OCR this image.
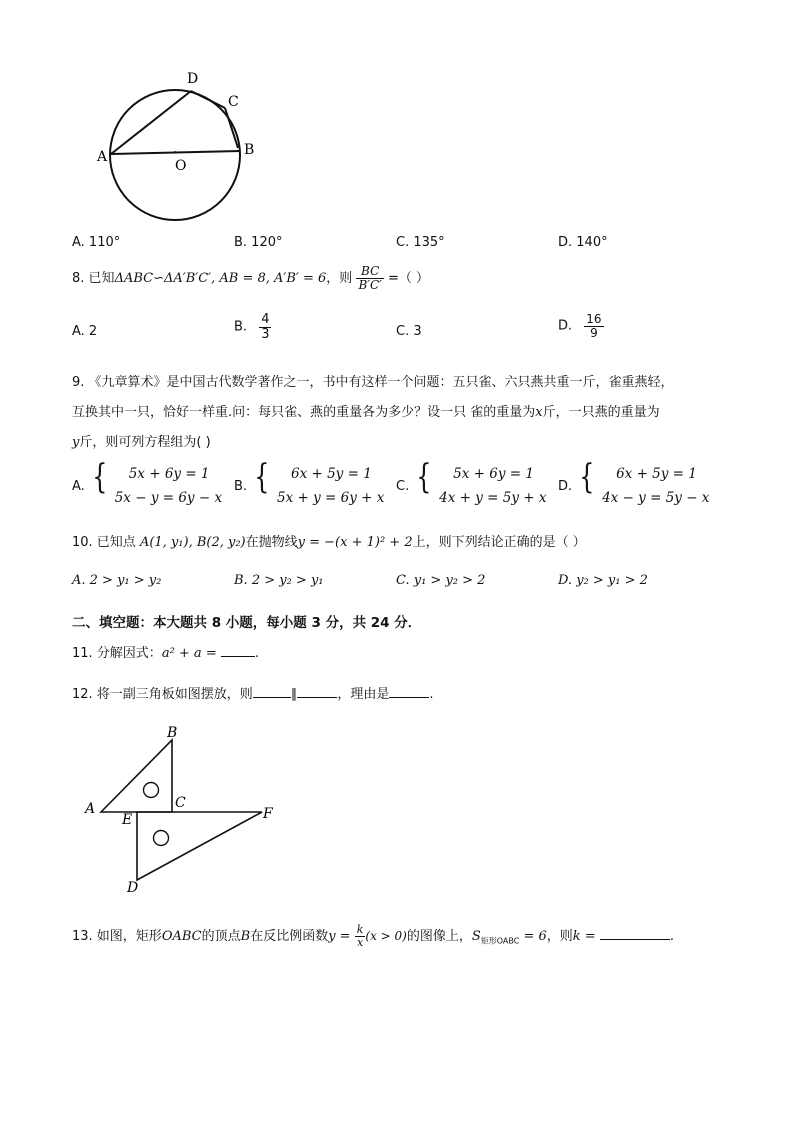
A
D
C
B
O
A. 110°	B. 120°	C. 135°	D. 140°
8. 已知ΔABC∽ΔA′B′C′, AB = 8, A′B′ = 6，则 $\frac{BC}{B'C'}$ =（ ）
A. 2	B. $\frac{4}{3}$	C. 3	D. $\frac{16}{9}$
9. 《九章算术》是中国古代数学著作之一，书中有这样一个问题：五只雀、六只燕共重一斤，雀重燕轻，
互换其中一只，恰好一样重.问：每只雀、燕的重量各为多少？设一只 雀的重量为x斤，一只燕的重量为
y斤，则可列方程组为( )
A. {	5x + 6y = 1
5x − y = 6y − x
B. {	6x + 5y = 1
5x + y = 6y + x
C. {	5x + 6y = 1
4x + y = 5y + x
D. {	6x + 5y = 1
4x − y = 5y − x
10. 已知点 A(1, y₁), B(2, y₂)在抛物线y = −(x + 1)² + 2上，则下列结论正确的是（ ）
A. 2 > y₁ > y₂	B. 2 > y₂ > y₁	C. y₁ > y₂ > 2	D. y₂ > y₁ > 2
二、填空题：本大题共 8 小题，每小题 3 分，共 24 分．
11. 分解因式：a² + a =	.
12. 将一副三角板如图摆放，则	∥	，理由是	.
B
A	C
E	F
D
13. 如图，矩形OABC的顶点B在反比例函数$y = \frac{k}{x} (x > 0)$的图像上，$S_{矩形OABC} = 6$，则k =	.
